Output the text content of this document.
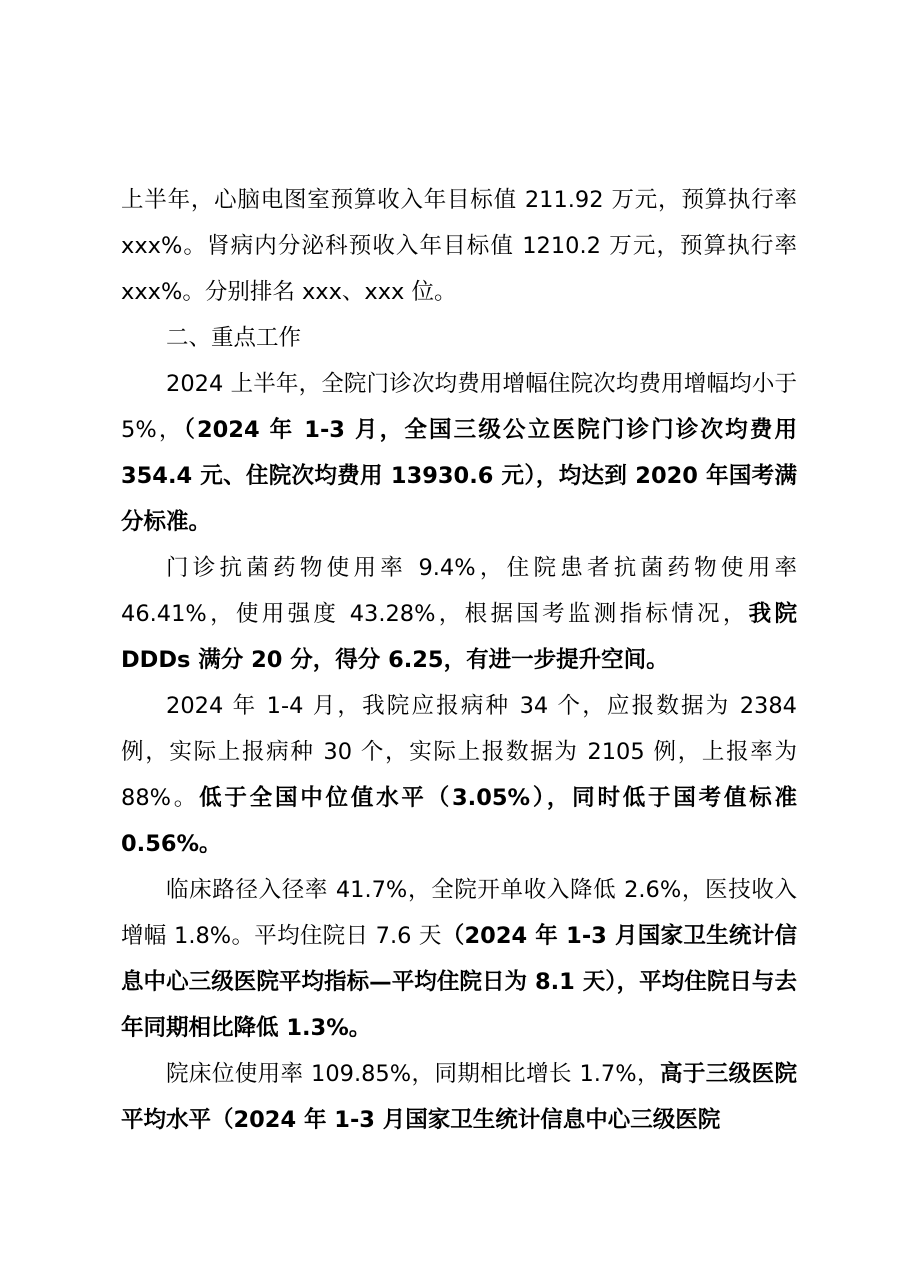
上半年，心脑电图室预算收入年目标值 211.92 万元，预算执行率 xxx%。肾病内分泌科预收入年目标值 1210.2 万元，预算执行率 xxx%。分别排名 xxx、xxx 位。

二、重点工作

2024 上半年，全院门诊次均费用增幅住院次均费用增幅均小于 5%，（2024 年 1-3 月，全国三级公立医院门诊门诊次均费用 354.4 元、住院次均费用 13930.6 元），均达到 2020 年国考满分标准。

门诊抗菌药物使用率 9.4%，住院患者抗菌药物使用率 46.41%，使用强度 43.28%，根据国考监测指标情况，我院 DDDs 满分 20 分，得分 6.25，有进一步提升空间。

2024 年 1-4 月，我院应报病种 34 个，应报数据为 2384 例，实际上报病种 30 个，实际上报数据为 2105 例，上报率为 88%。低于全国中位值水平（3.05%），同时低于国考值标准 0.56%。

临床路径入径率 41.7%，全院开单收入降低 2.6%，医技收入增幅 1.8%。平均住院日 7.6 天（2024 年 1-3 月国家卫生统计信息中心三级医院平均指标—平均住院日为 8.1 天），平均住院日与去年同期相比降低 1.3%。

院床位使用率 109.85%，同期相比增长 1.7%，高于三级医院平均水平（2024 年 1-3 月国家卫生统计信息中心三级医院
